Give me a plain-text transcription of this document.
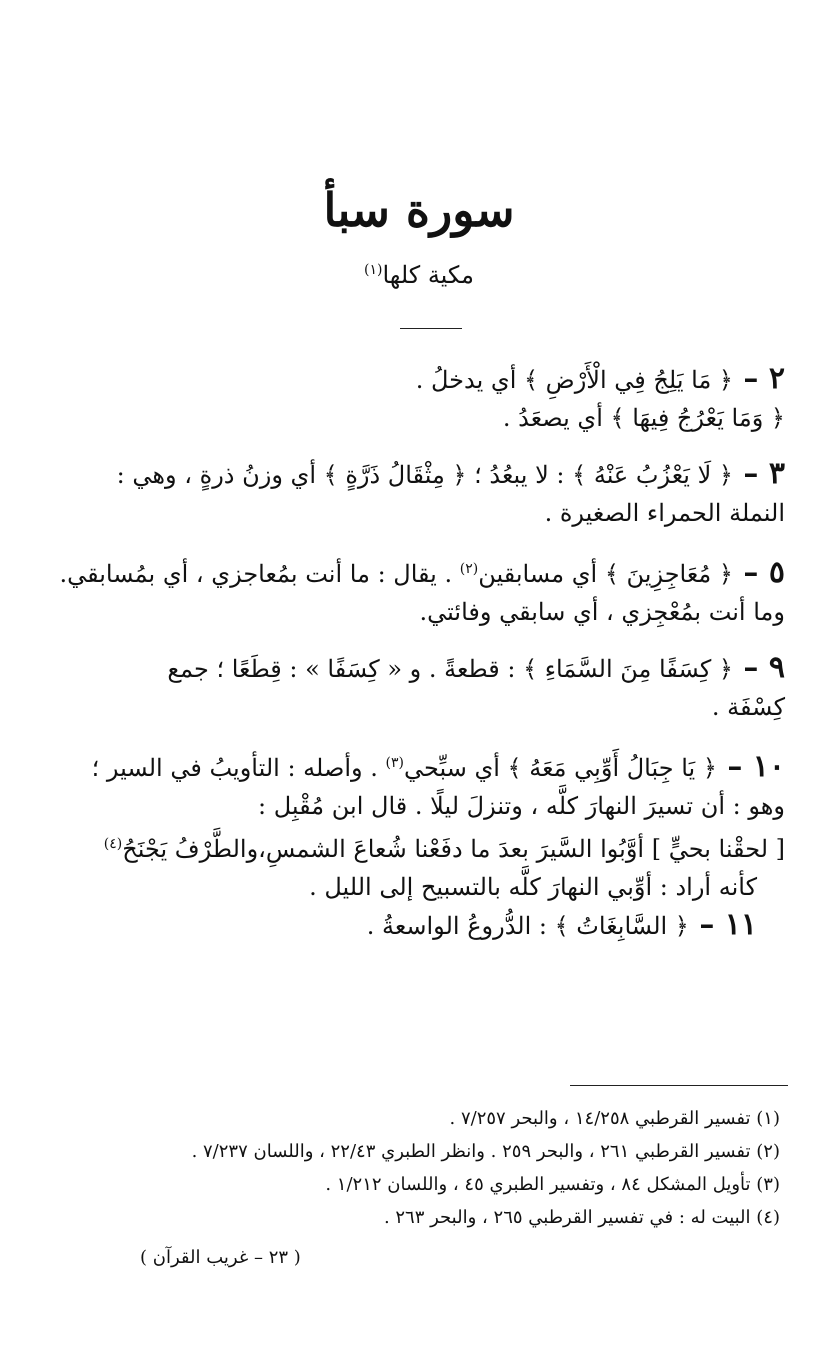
سورة سبأ
مكية كلها$^{(١)}$

٢ – ﴿ مَا يَلِجُ فِي الْأَرْضِ ﴾ أي يدخلُ .

﴿ وَمَا يَعْرُجُ فِيهَا ﴾ أي يصعَدُ .

٣ – ﴿ لَا يَعْزُبُ عَنْهُ ﴾ : لا يبعُدُ ؛ ﴿ مِثْقَالُ ذَرَّةٍ ﴾ أي وزنُ ذرةٍ ، وهي :

النملة الحمراء الصغيرة .

٥ – ﴿ مُعَاجِزِينَ ﴾ أي مسابقين$^{(٢)}$ . يقال : ما أنت بمُعاجزي ، أي بمُسابقي.

وما أنت بمُعْجِزي ، أي سابقي وفائتي.

٩ – ﴿ كِسَفًا مِنَ السَّمَاءِ ﴾ : قطعةً . و « كِسَفًا » : قِطَعًا ؛ جمع

كِسْفَة .

١٠ – ﴿ يَا جِبَالُ أَوِّبِي مَعَهُ ﴾ أي سبِّحي$^{(٣)}$ . وأصله : التأويبُ في السير ؛

وهو : أن تسيرَ النهارَ كلَّه ، وتنزلَ ليلًا . قال ابن مُقْبِل :

[ لحقْنا بحيٍّ ] أوَّبُوا السَّيرَ بعدَ ما دفَعْنا شُعاعَ الشمسِ،والطَّرْفُ يَجْنَحُ$^{(٤)}$

كأنه أراد : أوِّبي النهارَ كلَّه بالتسبيح إلى الليل .

١١ – ﴿ السَّابِغَاتُ ﴾ : الدُّروعُ الواسعةُ .

(١) تفسير القرطبي ١٤/٢٥٨ ، والبحر ٧/٢٥٧ .
(٢) تفسير القرطبي ٢٦١ ، والبحر ٢٥٩ . وانظر الطبري ٢٢/٤٣ ، واللسان ٧/٢٣٧ .
(٣) تأويل المشكل ٨٤ ، وتفسير الطبري ٤٥ ، واللسان ١/٢١٢ .
(٤) البيت له : في تفسير القرطبي ٢٦٥ ، والبحر ٢٦٣ .
( ٢٣ – غريب القرآن )
